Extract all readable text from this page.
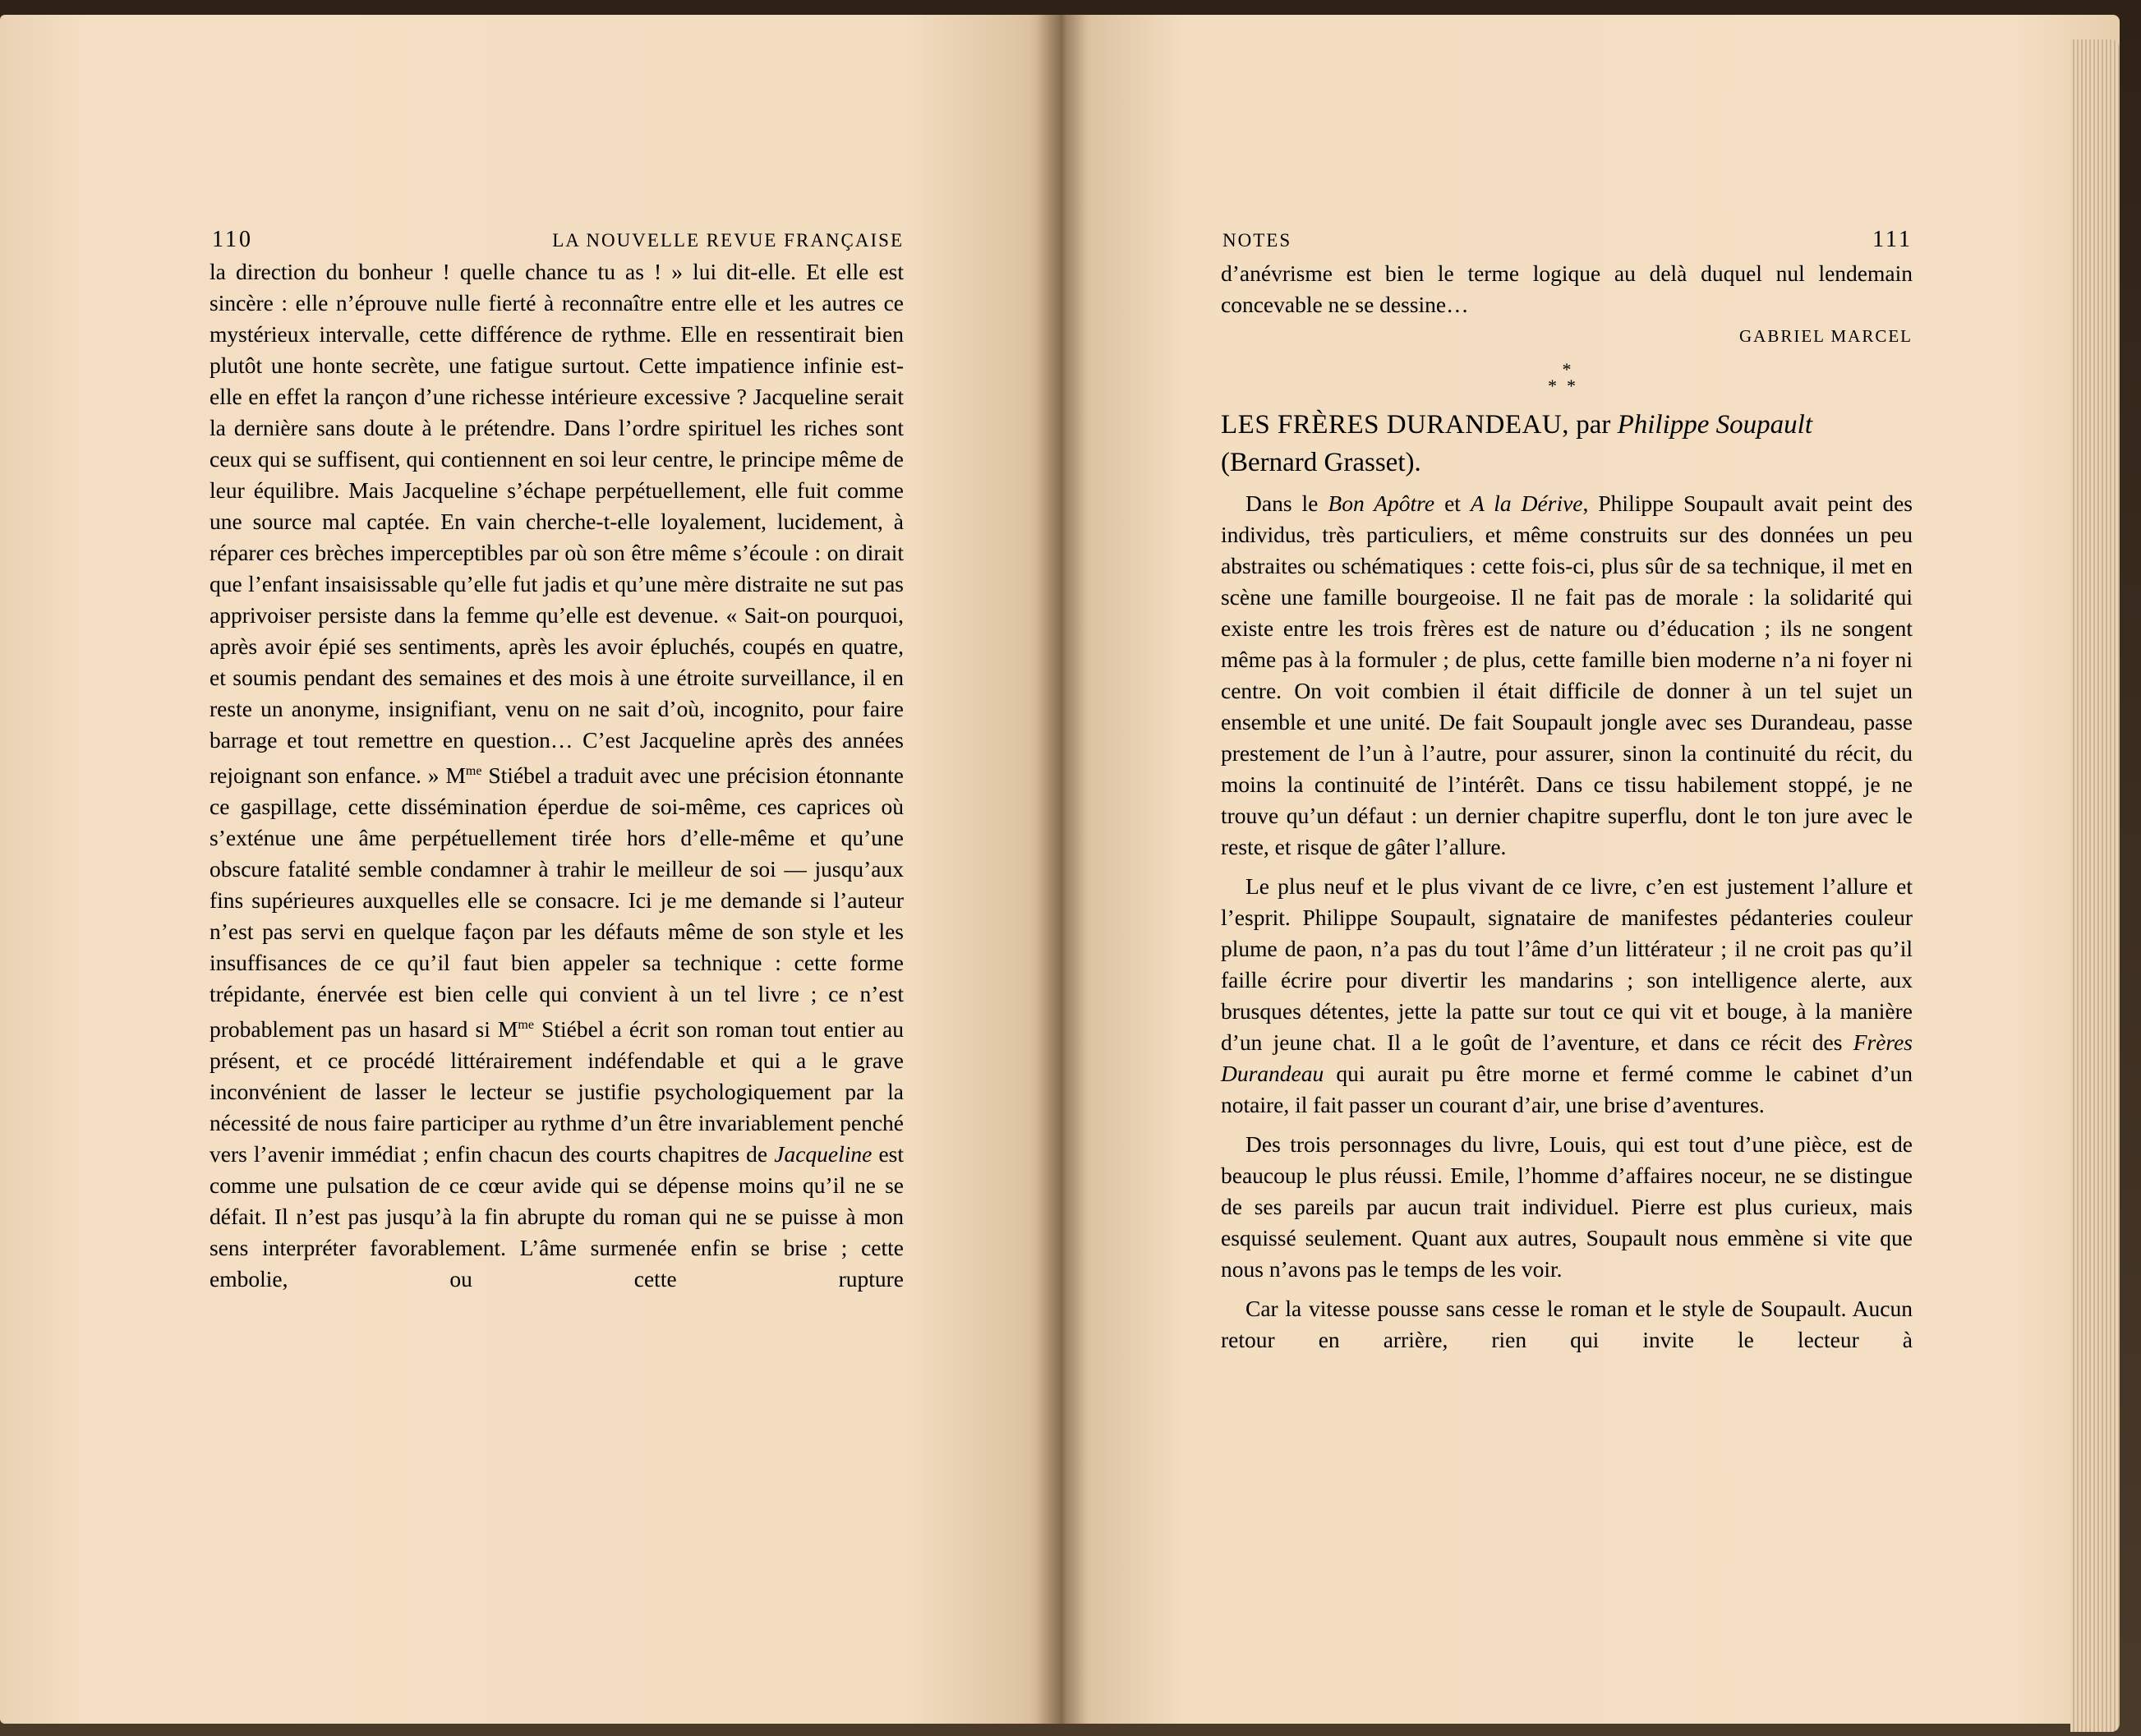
110	LA NOUVELLE REVUE FRANÇAISE

la direction du bonheur ! quelle chance tu as ! » lui dit-elle. Et elle est sincère : elle n’éprouve nulle fierté à reconnaître entre elle et les autres ce mystérieux intervalle, cette différence de rythme. Elle en ressentirait bien plutôt une honte secrète, une fatigue surtout. Cette impatience infinie est-elle en effet la rançon d’une richesse intérieure excessive ? Jacqueline serait la dernière sans doute à le prétendre. Dans l’ordre spirituel les riches sont ceux qui se suffisent, qui contiennent en soi leur centre, le principe même de leur équilibre. Mais Jacqueline s’échape perpétuellement, elle fuit comme une source mal captée. En vain cherche-t-elle loyalement, lucidement, à réparer ces brèches imperceptibles par où son être même s’écoule : on dirait que l’enfant insaisissable qu’elle fut jadis et qu’une mère distraite ne sut pas apprivoiser persiste dans la femme qu’elle est devenue. « Sait-on pourquoi, après avoir épié ses sentiments, après les avoir épluchés, coupés en quatre, et soumis pendant des semaines et des mois à une étroite surveillance, il en reste un anonyme, insignifiant, venu on ne sait d’où, incognito, pour faire barrage et tout remettre en question… C’est Jacqueline après des années rejoignant son enfance. » $M^{me}$ Stiébel a traduit avec une précision étonnante ce gaspillage, cette dissémination éperdue de soi-même, ces caprices où s’exténue une âme perpétuellement tirée hors d’elle-même et qu’une obscure fatalité semble condamner à trahir le meilleur de soi — jusqu’aux fins supérieures auxquelles elle se consacre. Ici je me demande si l’auteur n’est pas servi en quelque façon par les défauts même de son style et les insuffisances de ce qu’il faut bien appeler sa technique : cette forme trépidante, énervée est bien celle qui convient à un tel livre ; ce n’est probablement pas un hasard si $M^{me}$ Stiébel a écrit son roman tout entier au présent, et ce procédé littérairement indéfendable et qui a le grave inconvénient de lasser le lecteur se justifie psychologiquement par la nécessité de nous faire participer au rythme d’un être invariablement penché vers l’avenir immédiat ; enfin chacun des courts chapitres de Jacqueline est comme une pulsation de ce cœur avide qui se dépense moins qu’il ne se défait. Il n’est pas jusqu’à la fin abrupte du roman qui ne se puisse à mon sens interpréter favorablement. L’âme surmenée enfin se brise ; cette embolie, ou cette rupture

NOTES	111

d’anévrisme est bien le terme logique au delà duquel nul lendemain concevable ne se dessine…

GABRIEL MARCEL

*
**

LES FRÈRES DURANDEAU, par Philippe Soupault
(Bernard Grasset).

Dans le Bon Apôtre et A la Dérive, Philippe Soupault avait peint des individus, très particuliers, et même construits sur des données un peu abstraites ou schématiques : cette fois-ci, plus sûr de sa technique, il met en scène une famille bourgeoise. Il ne fait pas de morale : la solidarité qui existe entre les trois frères est de nature ou d’éducation ; ils ne songent même pas à la formuler ; de plus, cette famille bien moderne n’a ni foyer ni centre. On voit combien il était difficile de donner à un tel sujet un ensemble et une unité. De fait Soupault jongle avec ses Durandeau, passe prestement de l’un à l’autre, pour assurer, sinon la continuité du récit, du moins la continuité de l’intérêt. Dans ce tissu habilement stoppé, je ne trouve qu’un défaut : un dernier chapitre superflu, dont le ton jure avec le reste, et risque de gâter l’allure.

Le plus neuf et le plus vivant de ce livre, c’en est justement l’allure et l’esprit. Philippe Soupault, signataire de manifestes pédanteries couleur plume de paon, n’a pas du tout l’âme d’un littérateur ; il ne croit pas qu’il faille écrire pour divertir les mandarins ; son intelligence alerte, aux brusques détentes, jette la patte sur tout ce qui vit et bouge, à la manière d’un jeune chat. Il a le goût de l’aventure, et dans ce récit des Frères Durandeau qui aurait pu être morne et fermé comme le cabinet d’un notaire, il fait passer un courant d’air, une brise d’aventures.

Des trois personnages du livre, Louis, qui est tout d’une pièce, est de beaucoup le plus réussi. Emile, l’homme d’affaires noceur, ne se distingue de ses pareils par aucun trait individuel. Pierre est plus curieux, mais esquissé seulement. Quant aux autres, Soupault nous emmène si vite que nous n’avons pas le temps de les voir.

Car la vitesse pousse sans cesse le roman et le style de Soupault. Aucun retour en arrière, rien qui invite le lecteur à
